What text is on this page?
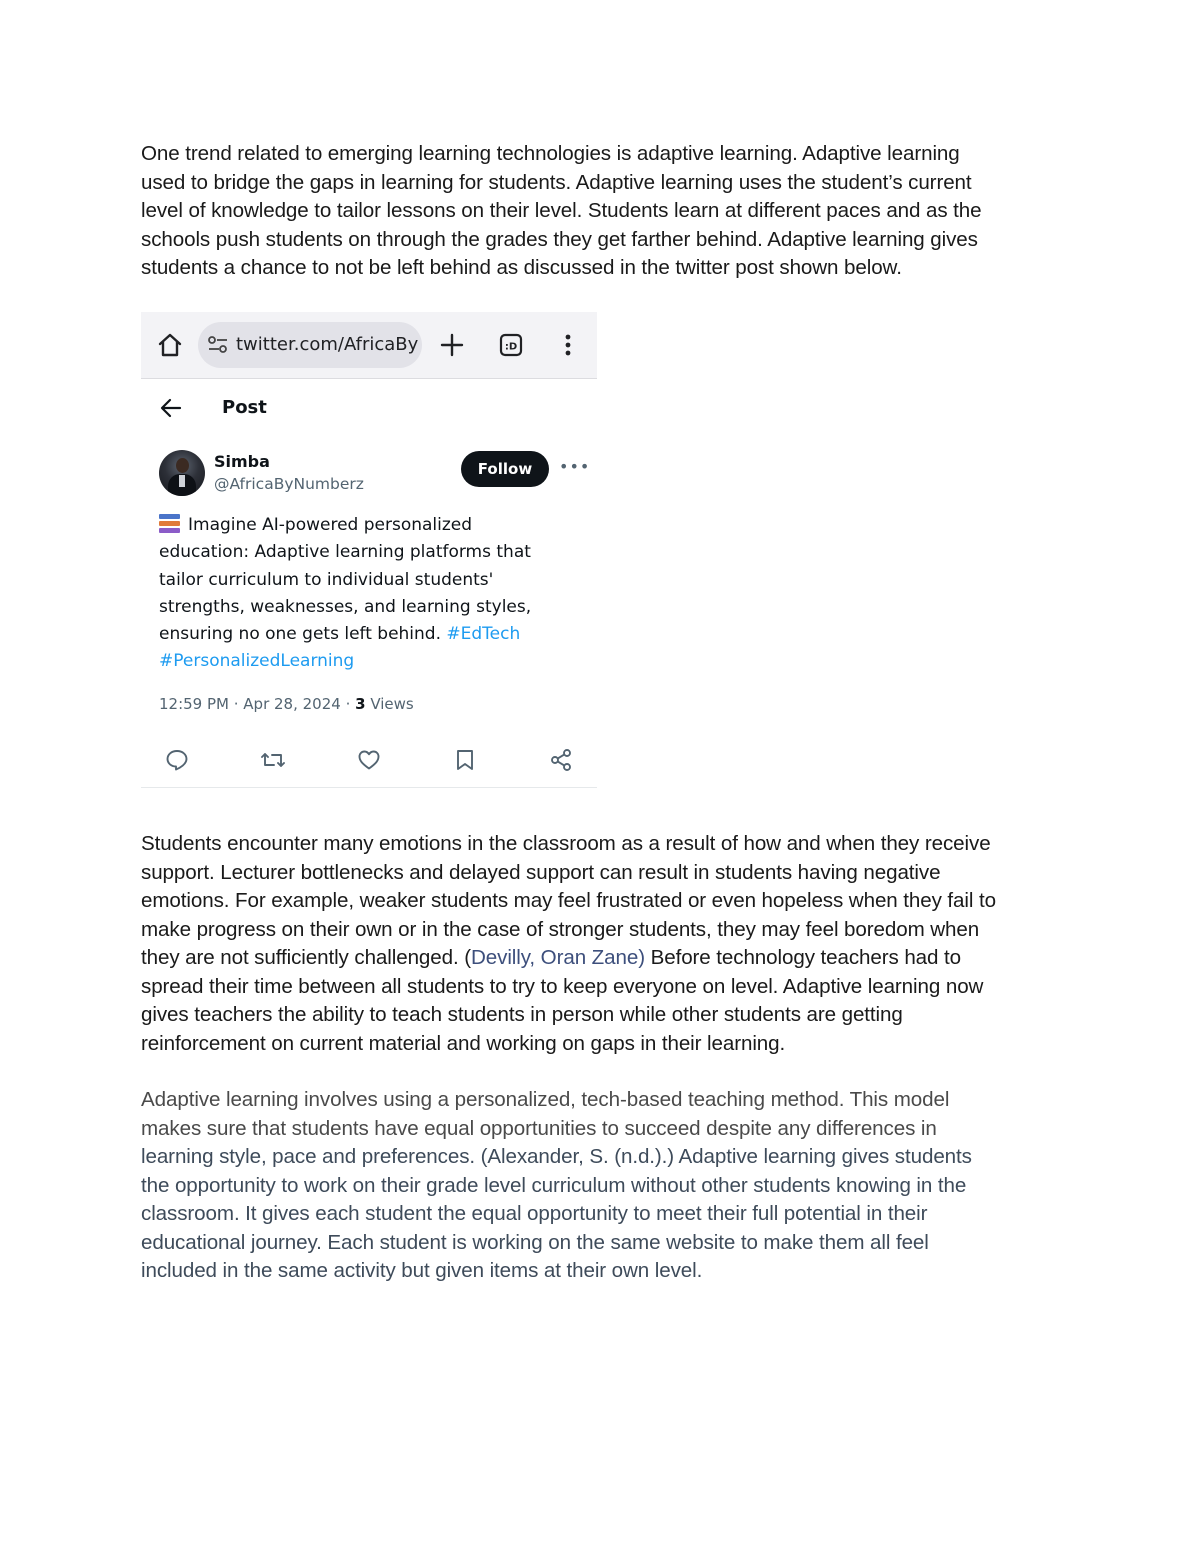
One trend related to emerging learning technologies is adaptive learning. Adaptive learning
used to bridge the gaps in learning for students. Adaptive learning uses the student’s current
level of knowledge to tailor lessons on their level. Students learn at different paces and as the
schools push students on through the grades they get farther behind. Adaptive learning gives
students a chance to not be left behind as discussed in the twitter post shown below.
twitter.com/AfricaBy	:D
Post
Simba
@AfricaByNumberz
Follow	•••
Imagine AI-powered personalized
education: Adaptive learning platforms that
tailor curriculum to individual students'
strengths, weaknesses, and learning styles,
ensuring no one gets left behind. #EdTech
#PersonalizedLearning
12:59 PM · Apr 28, 2024 · 3 Views
Students encounter many emotions in the classroom as a result of how and when they receive
support. Lecturer bottlenecks and delayed support can result in students having negative
emotions. For example, weaker students may feel frustrated or even hopeless when they fail to
make progress on their own or in the case of stronger students, they may feel boredom when
they are not sufficiently challenged. (Devilly, Oran Zane) Before technology teachers had to
spread their time between all students to try to keep everyone on level. Adaptive learning now
gives teachers the ability to teach students in person while other students are getting
reinforcement on current material and working on gaps in their learning.
Adaptive learning involves using a personalized, tech-based teaching method. This model
makes sure that students have equal opportunities to succeed despite any differences in
learning style, pace and preferences. (Alexander, S. (n.d.).) Adaptive learning gives students
the opportunity to work on their grade level curriculum without other students knowing in the
classroom. It gives each student the equal opportunity to meet their full potential in their
educational journey. Each student is working on the same website to make them all feel
included in the same activity but given items at their own level.
